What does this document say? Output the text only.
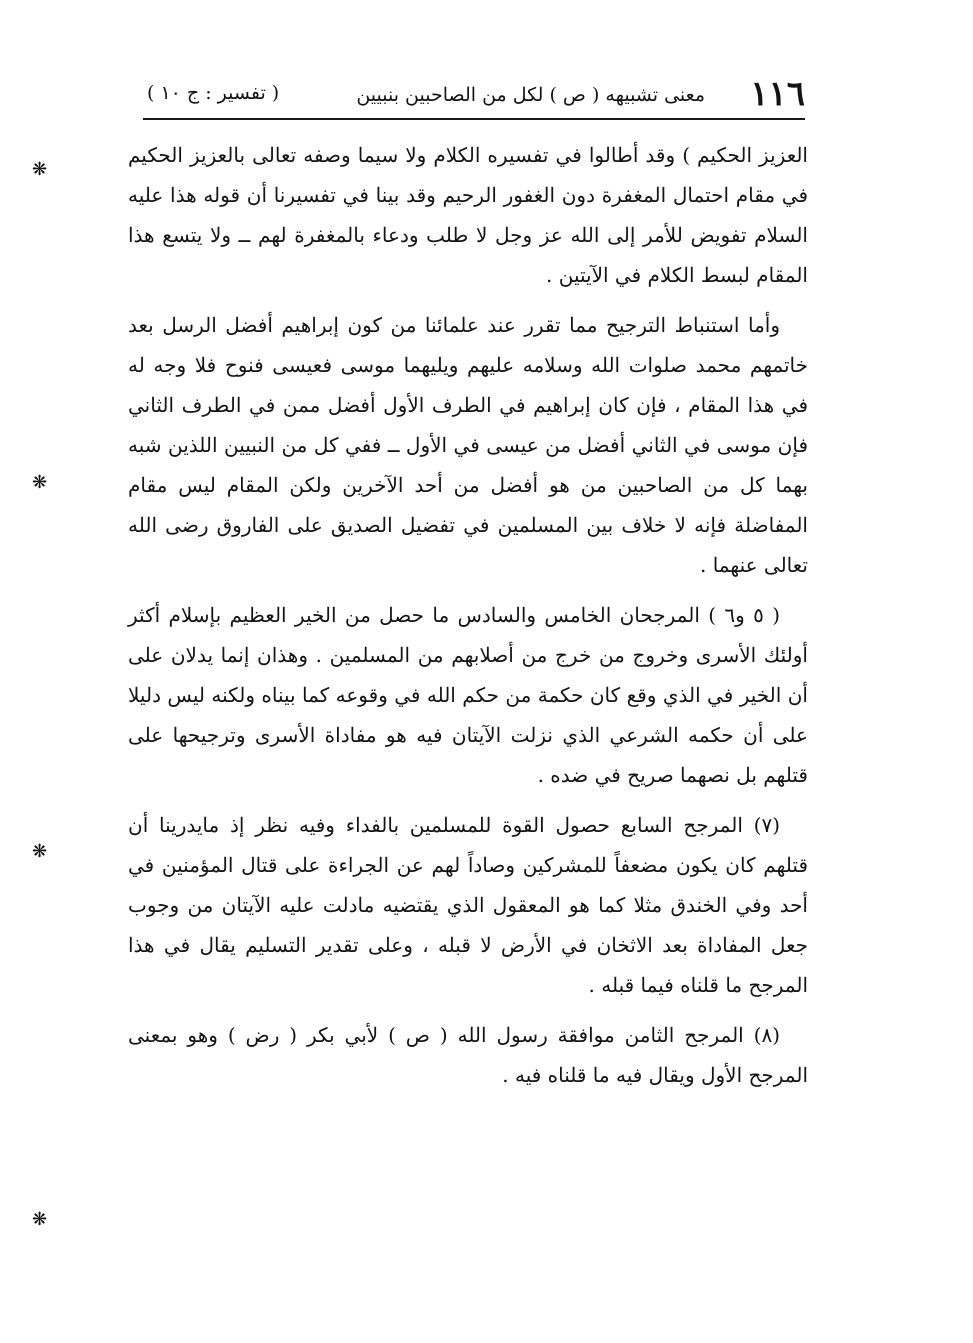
١١٦
معنى تشبيهه ( ص ) لكل من الصاحبين بنبيين
( تفسير : ج ١٠ )

العزيز الحكيم ) وقد أطالوا في تفسيره الكلام ولا سيما وصفه تعالى بالعزيز الحكيم في مقام احتمال المغفرة دون الغفور الرحيم وقد بينا في تفسيرنا أن قوله هذا عليه السلام تفويض للأمر إلى الله عز وجل لا طلب ودعاء بالمغفرة لهم ــ ولا يتسع هذا المقام لبسط الكلام في الآيتين .

وأما استنباط الترجيح مما تقرر عند علمائنا من كون إبراهيم أفضل الرسل بعد خاتمهم محمد صلوات الله وسلامه عليهم ويليهما موسى فعيسى فنوح فلا وجه له في هذا المقام ، فإن كان إبراهيم في الطرف الأول أفضل ممن في الطرف الثاني فإن موسى في الثاني أفضل من عيسى في الأول ــ ففي كل من النبيين اللذين شبه بهما كل من الصاحبين من هو أفضل من أحد الآخرين ولكن المقام ليس مقام المفاضلة فإنه لا خلاف بين المسلمين في تفضيل الصديق على الفاروق رضى الله تعالى عنهما .

( ٥ و٦ ) المرجحان الخامس والسادس ما حصل من الخير العظيم بإسلام أكثر أولئك الأسرى وخروج من خرج من أصلابهم من المسلمين . وهذان إنما يدلان على أن الخير في الذي وقع كان حكمة من حكم الله في وقوعه كما بيناه ولكنه ليس دليلا على أن حكمه الشرعي الذي نزلت الآيتان فيه هو مفاداة الأسرى وترجيحها على قتلهم بل نصهما صريح في ضده .

(٧) المرجح السابع حصول القوة للمسلمين بالفداء وفيه نظر إذ مايدرينا أن قتلهم كان يكون مضعفاً للمشركين وصاداً لهم عن الجراءة على قتال المؤمنين في أحد وفي الخندق مثلا كما هو المعقول الذي يقتضيه مادلت عليه الآيتان من وجوب جعل المفاداة بعد الاثخان في الأرض لا قبله ، وعلى تقدير التسليم يقال في هذا المرجح ما قلناه فيما قبله .

(٨) المرجح الثامن موافقة رسول الله ( ص ) لأبي بكر ( رض ) وهو بمعنى المرجح الأول ويقال فيه ما قلناه فيه .

❋
❋
❋
❋
